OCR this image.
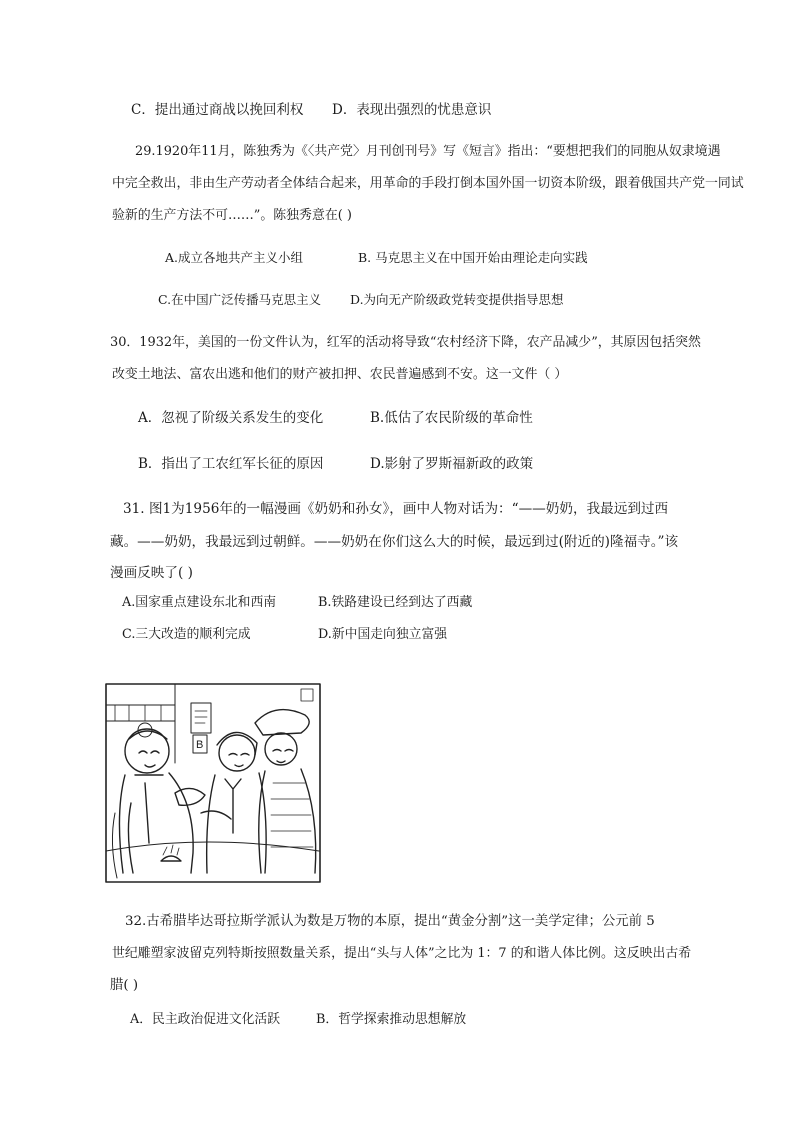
C．提出通过商战以挽回利权 D．表现出强烈的忧患意识
29.1920年11月，陈独秀为《〈共产党〉月刊创刊号》写《短言》指出：“要想把我们的同胞从奴隶境遇
中完全救出，非由生产劳动者全体结合起来，用革命的手段打倒本国外国一切资本阶级，跟着俄国共产党一同试
验新的生产方法不可……”。陈独秀意在( )
A.成立各地共产主义小组	B. 马克思主义在中国开始由理论走向实践
C.在中国广泛传播马克思主义 D.为向无产阶级政党转变提供指导思想
30．1932年，美国的一份文件认为，红军的活动将导致“农村经济下降，农产品减少”，其原因包括突然
改变土地法、富农出逃和他们的财产被扣押、农民普遍感到不安。这一文件（ ）
A．忽视了阶级关系发生的变化	B.低估了农民阶级的革命性
B．指出了工农红军长征的原因	D.影射了罗斯福新政的政策
31. 图1为1956年的一幅漫画《奶奶和孙女》，画中人物对话为：“——奶奶，我最远到过西
藏。——奶奶，我最远到过朝鲜。——奶奶在你们这么大的时候，最远到过(附近的)隆福寺。”该
漫画反映了( )
A.国家重点建设东北和西南	B.铁路建设已经到达了西藏
C.三大改造的顺利完成	D.新中国走向独立富强
B
32.古希腊毕达哥拉斯学派认为数是万物的本原，提出“黄金分割”这一美学定律；公元前 5
世纪雕塑家波留克列特斯按照数量关系，提出“头与人体”之比为 1：7 的和谐人体比例。这反映出古希
腊( )
A．民主政治促进文化活跃	B．哲学探索推动思想解放
